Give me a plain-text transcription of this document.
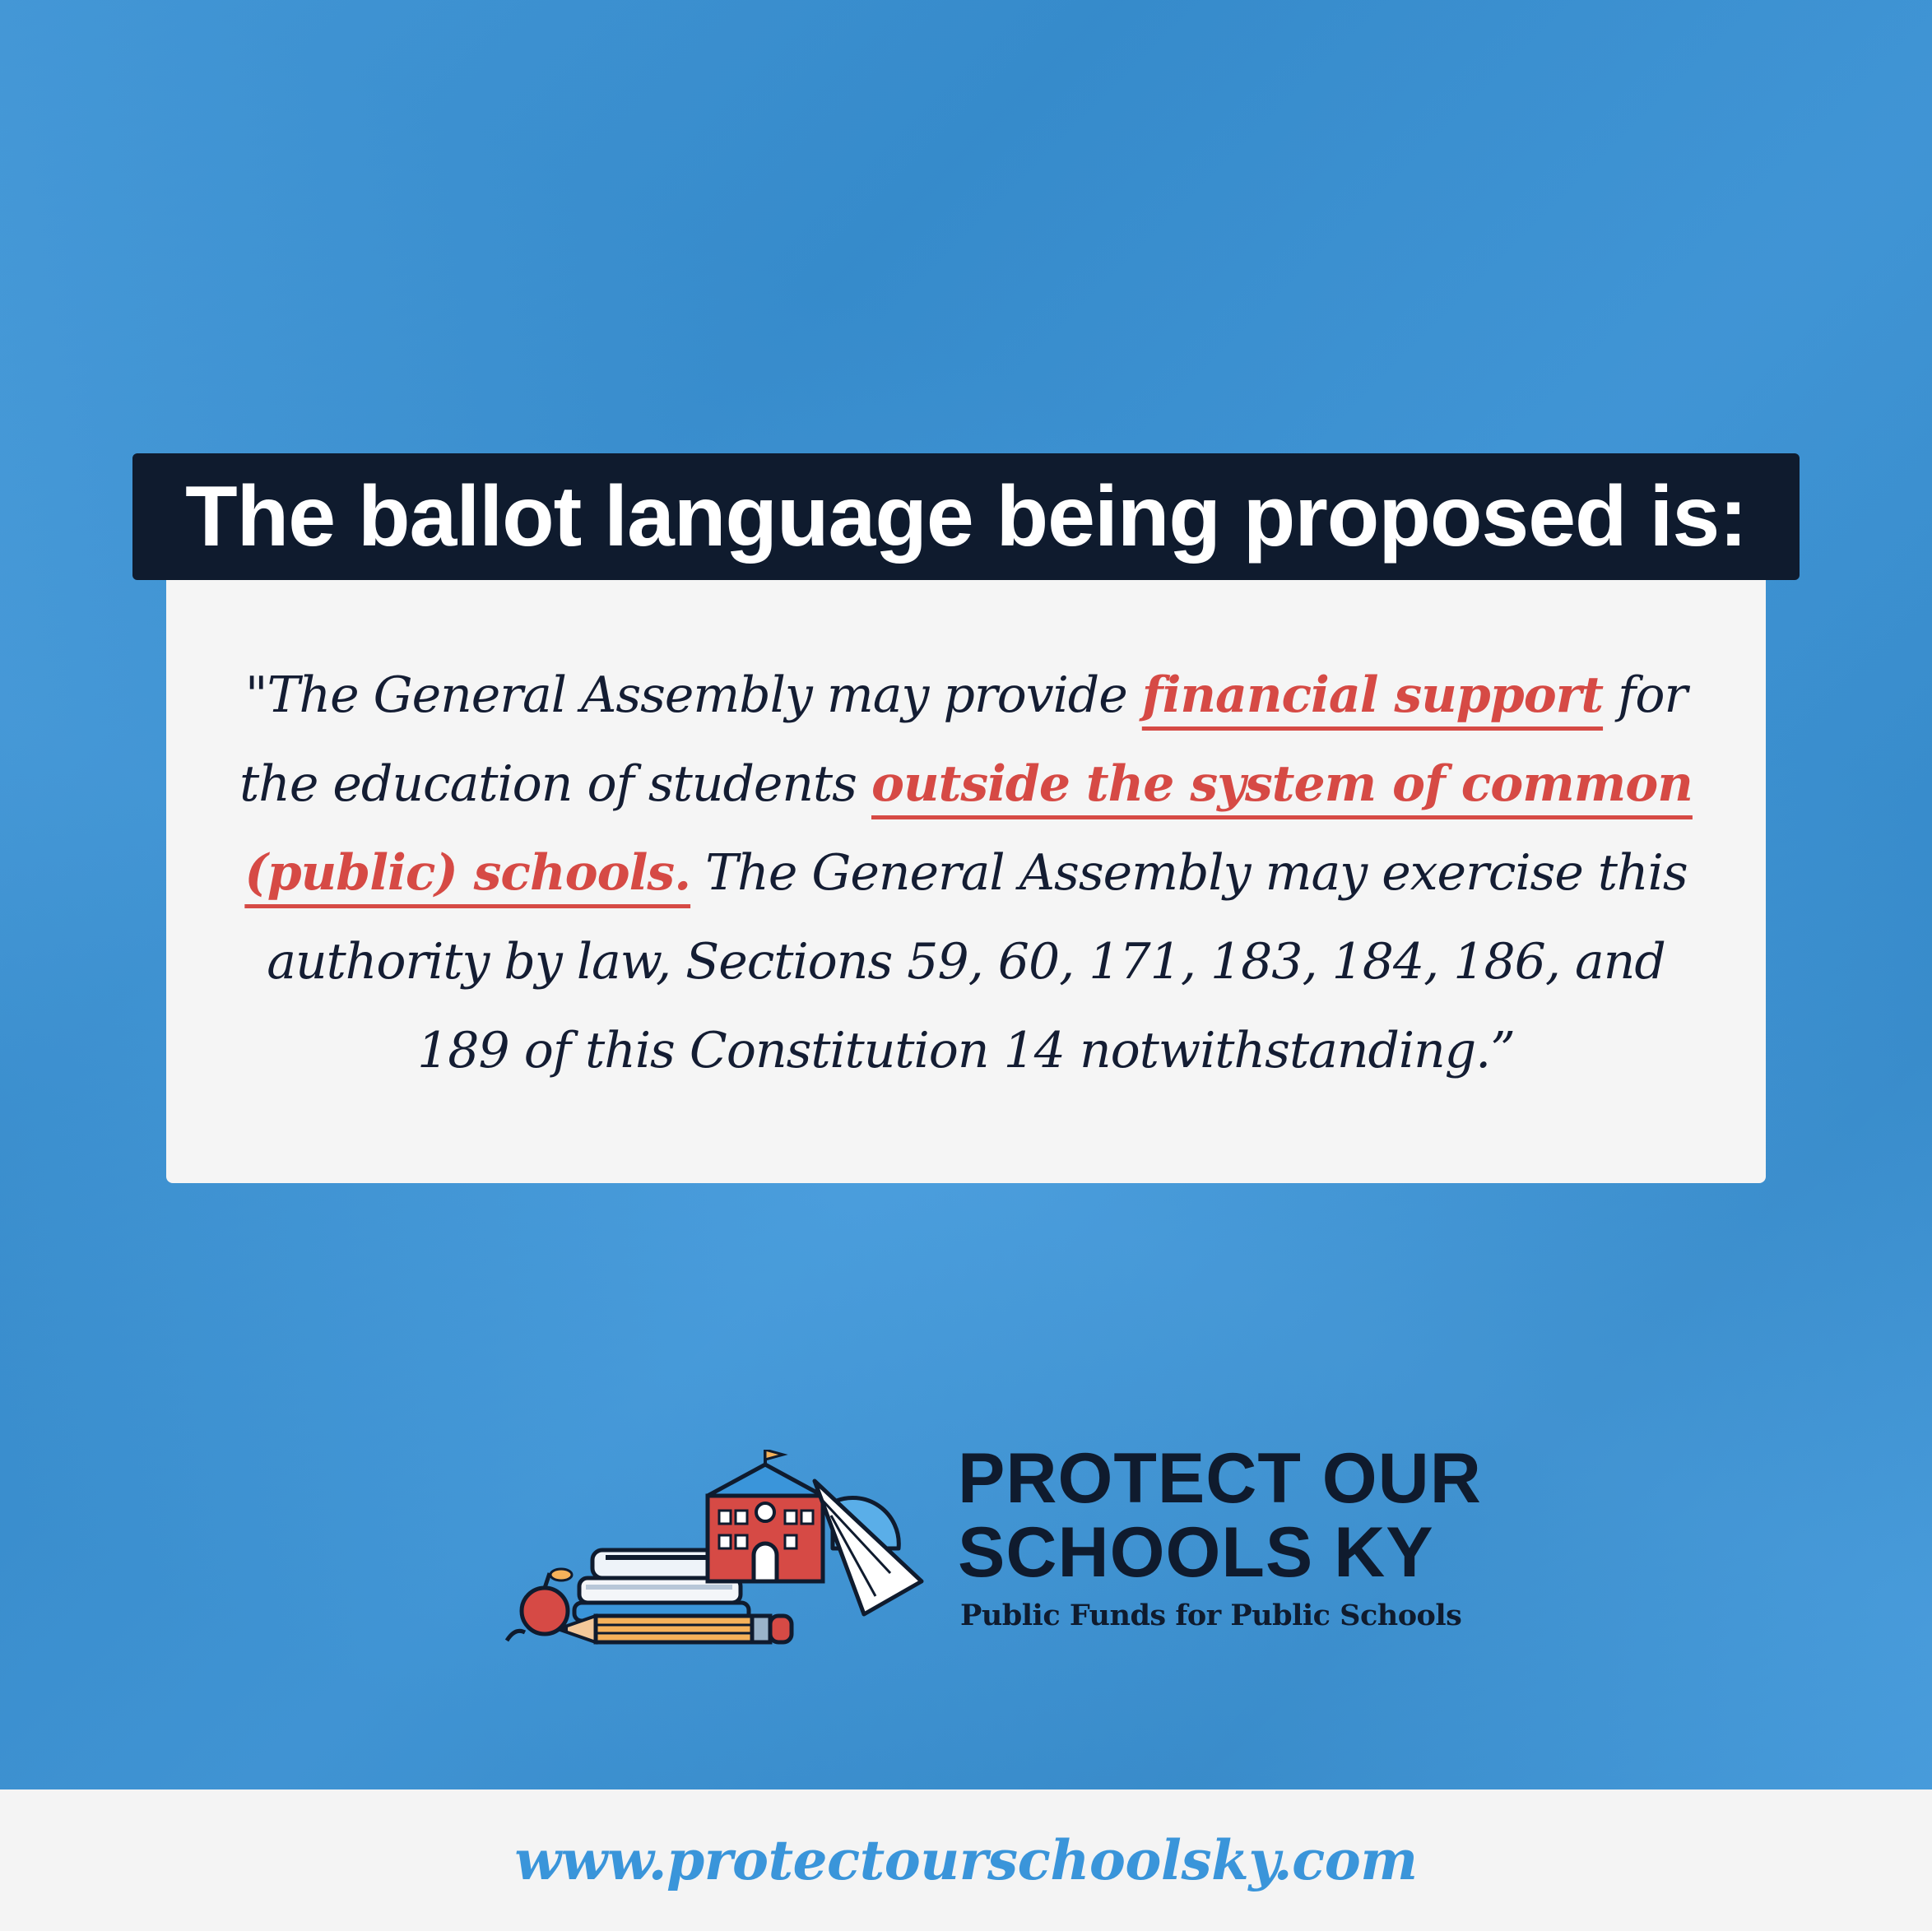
The ballot language being proposed is:
"The General Assembly may provide financial support for the education of students outside the system of common (public) schools. The General Assembly may exercise this authority by law, Sections 59, 60, 171, 183, 184, 186, and 189 of this Constitution 14 notwithstanding.”
PROTECT OUR
SCHOOLS KY
Public Funds for Public Schools
www.protectourschoolsky.com
